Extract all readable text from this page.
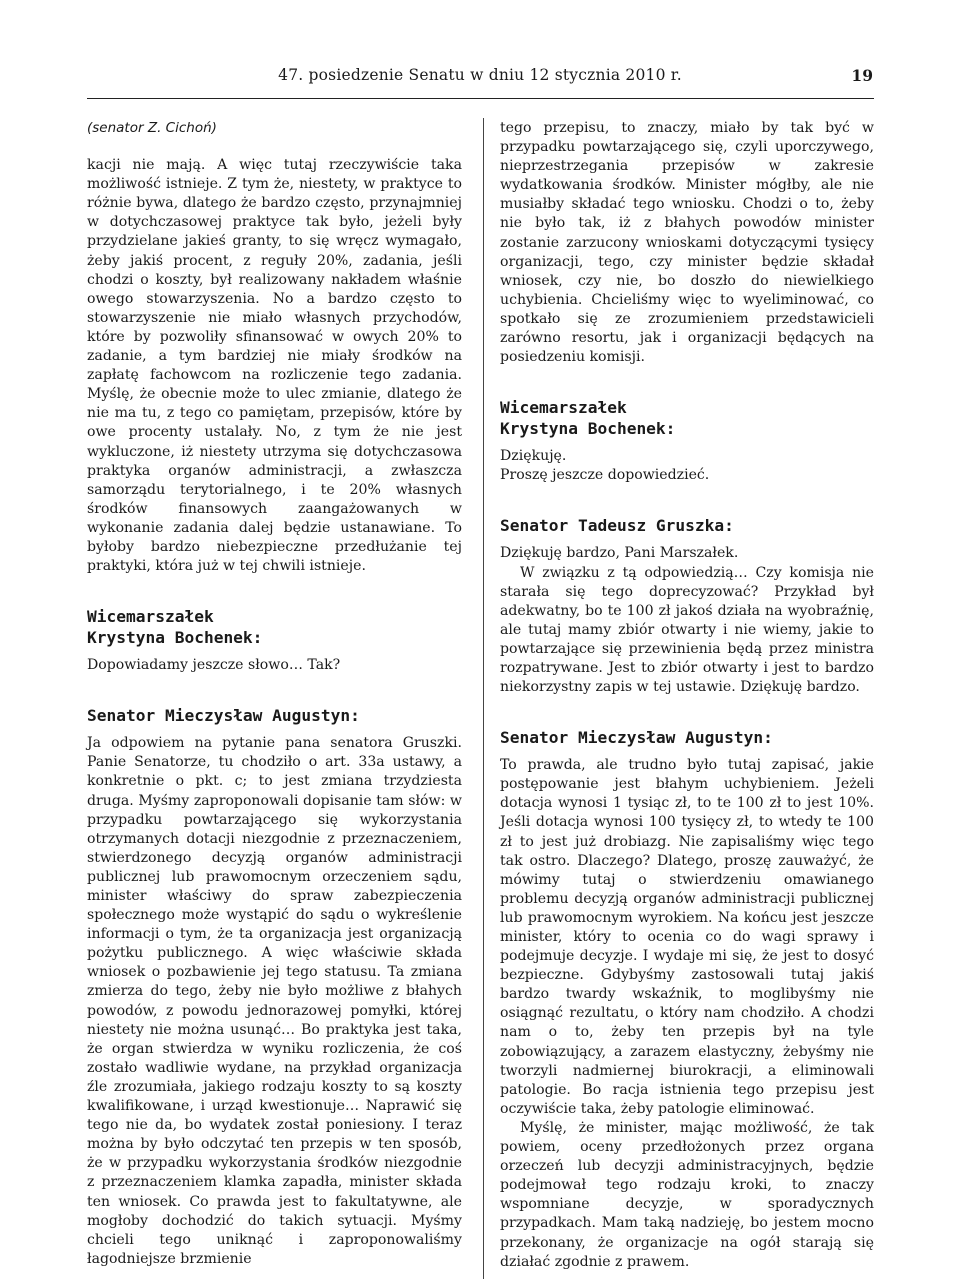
47. posiedzenie Senatu w dniu 12 stycznia 2010 r.	19
(senator Z. Cichoń)

kacji nie mają. A więc tutaj rzeczywiście taka możliwość istnieje. Z tym że, niestety, w praktyce to różnie bywa, dlatego że bardzo często, przynajmniej w dotychczasowej praktyce tak było, jeżeli były przydzielane jakieś granty, to się wręcz wymagało, żeby jakiś procent, z reguły 20%, zadania, jeśli chodzi o koszty, był realizowany nakładem właśnie owego stowarzyszenia. No a bardzo często to stowarzyszenie nie miało własnych przychodów, które by pozwoliły sfinansować w owych 20% to zadanie, a tym bardziej nie miały środków na zapłatę fachowcom na rozliczenie tego zadania. Myślę, że obecnie może to ulec zmianie, dlatego że nie ma tu, z tego co pamiętam, przepisów, które by owe procenty ustalały. No, z tym że nie jest wykluczone, iż niestety utrzyma się dotychczasowa praktyka organów administracji, a zwłaszcza samorządu terytorialnego, i te 20% własnych środków finansowych zaangażowanych w wykonanie zadania dalej będzie ustanawiane. To byłoby bardzo niebezpieczne przedłużanie tej praktyki, która już w tej chwili istnieje.

Wicemarszałek
Krystyna Bochenek:

Dopowiadamy jeszcze słowo… Tak?

Senator Mieczysław Augustyn:

Ja odpowiem na pytanie pana senatora Gruszki. Panie Senatorze, tu chodziło o art. 33a ustawy, a konkretnie o pkt. c; to jest zmiana trzydziesta druga. Myśmy zaproponowali dopisanie tam słów: w przypadku powtarzającego się wykorzystania otrzymanych dotacji niezgodnie z przeznaczeniem, stwierdzonego decyzją organów administracji publicznej lub prawomocnym orzeczeniem sądu, minister właściwy do spraw zabezpieczenia społecznego może wystąpić do sądu o wykreślenie informacji o tym, że ta organizacja jest organizacją pożytku publicznego. A więc właściwie składa wniosek o pozbawienie jej tego statusu. Ta zmiana zmierza do tego, żeby nie było możliwe z błahych powodów, z powodu jednorazowej pomyłki, której niestety nie można usunąć… Bo praktyka jest taka, że organ stwierdza w wyniku rozliczenia, że coś zostało wadliwie wydane, na przykład organizacja źle zrozumiała, jakiego rodzaju koszty to są koszty kwalifikowane, i urząd kwestionuje… Naprawić się tego nie da, bo wydatek został poniesiony. I teraz można by było odczytać ten przepis w ten sposób, że w przypadku wykorzystania środków niezgodnie z przeznaczeniem klamka zapadła, minister składa ten wniosek. Co prawda jest to fakultatywne, ale mogłoby dochodzić do takich sytuacji. Myśmy chcieli tego uniknąć i zaproponowaliśmy łagodniejsze brzmienie

tego przepisu, to znaczy, miało by tak być w przypadku powtarzającego się, czyli uporczywego, nieprzestrzegania przepisów w zakresie wydatkowania środków. Minister mógłby, ale nie musiałby składać tego wniosku. Chodzi o to, żeby nie było tak, iż z błahych powodów minister zostanie zarzucony wnioskami dotyczącymi tysięcy organizacji, tego, czy minister będzie składał wniosek, czy nie, bo doszło do niewielkiego uchybienia. Chcieliśmy więc to wyeliminować, co spotkało się ze zrozumieniem przedstawicieli zarówno resortu, jak i organizacji będących na posiedzeniu komisji.

Wicemarszałek
Krystyna Bochenek:

Dziękuję.

Proszę jeszcze dopowiedzieć.

Senator Tadeusz Gruszka:

Dziękuję bardzo, Pani Marszałek.

W związku z tą odpowiedzią… Czy komisja nie starała się tego doprecyzować? Przykład był adekwatny, bo te 100 zł jakoś działa na wyobraźnię, ale tutaj mamy zbiór otwarty i nie wiemy, jakie to powtarzające się przewinienia będą przez ministra rozpatrywane. Jest to zbiór otwarty i jest to bardzo niekorzystny zapis w tej ustawie. Dziękuję bardzo.

Senator Mieczysław Augustyn:

To prawda, ale trudno było tutaj zapisać, jakie postępowanie jest błahym uchybieniem. Jeżeli dotacja wynosi 1 tysiąc zł, to te 100 zł to jest 10%. Jeśli dotacja wynosi 100 tysięcy zł, to wtedy te 100 zł to jest już drobiazg. Nie zapisaliśmy więc tego tak ostro. Dlaczego? Dlatego, proszę zauważyć, że mówimy tutaj o stwierdzeniu omawianego problemu decyzją organów administracji publicznej lub prawomocnym wyrokiem. Na końcu jest jeszcze minister, który to ocenia co do wagi sprawy i podejmuje decyzje. I wydaje mi się, że jest to dosyć bezpieczne. Gdybyśmy zastosowali tutaj jakiś bardzo twardy wskaźnik, to moglibyśmy nie osiągnąć rezultatu, o który nam chodziło. A chodzi nam o to, żeby ten przepis był na tyle zobowiązujący, a zarazem elastyczny, żebyśmy nie tworzyli nadmiernej biurokracji, a eliminowali patologie. Bo racja istnienia tego przepisu jest oczywiście taka, żeby patologie eliminować.

Myślę, że minister, mając możliwość, że tak powiem, oceny przedłożonych przez organa orzeczeń lub decyzji administracyjnych, będzie podejmował tego rodzaju kroki, to znaczy wspomniane decyzje, w sporadycznych przypadkach. Mam taką nadzieję, bo jestem mocno przekonany, że organizacje na ogół starają się działać zgodnie z prawem.
